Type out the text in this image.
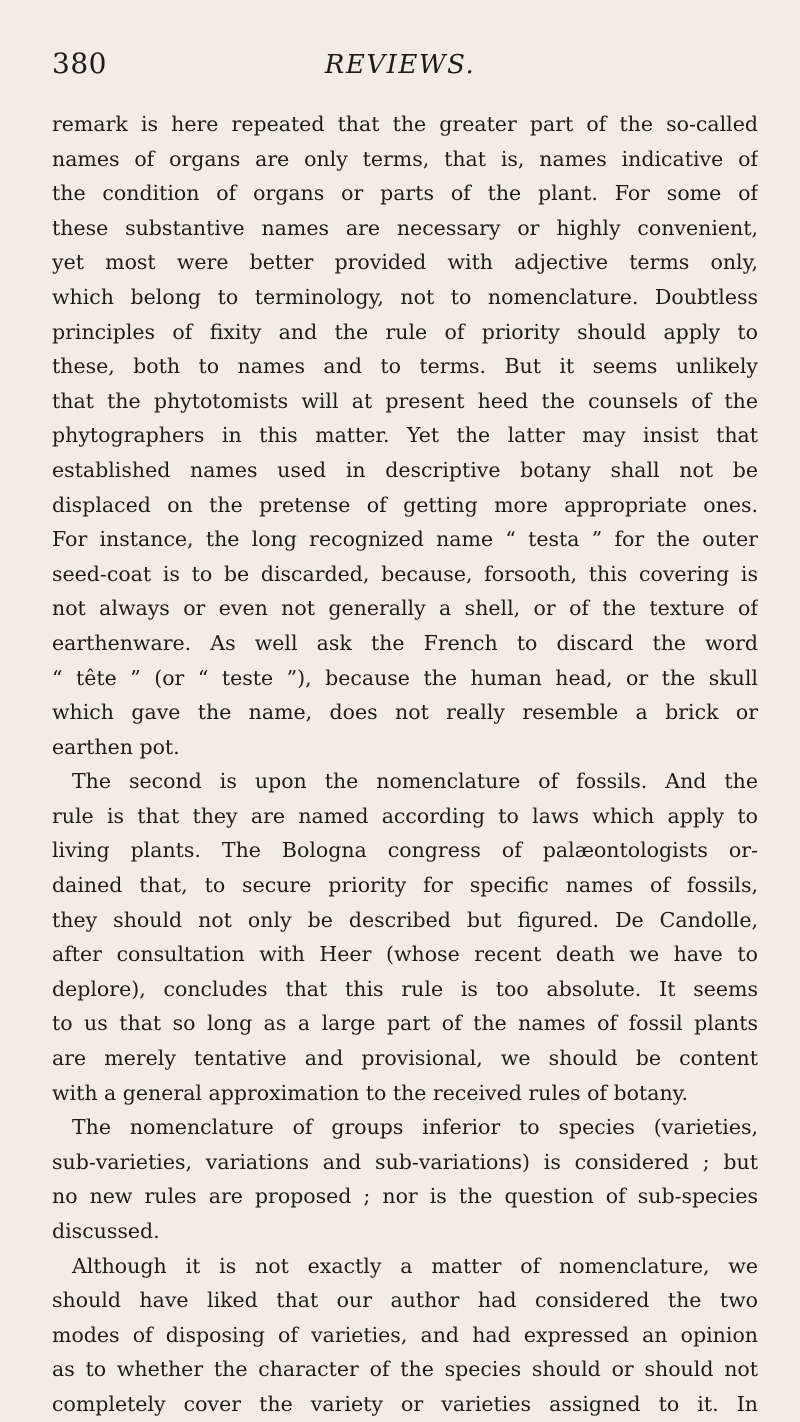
380	REVIEWS.
remark is here repeated that the greater part of the so-called
names of organs are only terms, that is, names indicative of
the condition of organs or parts of the plant. For some of
these substantive names are necessary or highly convenient,
yet most were better provided with adjective terms only,
which belong to terminology, not to nomenclature. Doubtless
principles of fixity and the rule of priority should apply to
these, both to names and to terms. But it seems unlikely
that the phytotomists will at present heed the counsels of the
phytographers in this matter. Yet the latter may insist that
established names used in descriptive botany shall not be
displaced on the pretense of getting more appropriate ones.
For instance, the long recognized name “ testa ” for the outer
seed-coat is to be discarded, because, forsooth, this covering is
not always or even not generally a shell, or of the texture of
earthenware. As well ask the French to discard the word
“ tête ” (or “ teste ”), because the human head, or the skull
which gave the name, does not really resemble a brick or
earthen pot.
The second is upon the nomenclature of fossils. And the
rule is that they are named according to laws which apply to
living plants. The Bologna congress of palæontologists or-
dained that, to secure priority for specific names of fossils,
they should not only be described but figured. De Candolle,
after consultation with Heer (whose recent death we have to
deplore), concludes that this rule is too absolute. It seems
to us that so long as a large part of the names of fossil plants
are merely tentative and provisional, we should be content
with a general approximation to the received rules of botany.
The nomenclature of groups inferior to species (varieties,
sub-varieties, variations and sub-variations) is considered ; but
no new rules are proposed ; nor is the question of sub-species
discussed.
Although it is not exactly a matter of nomenclature, we
should have liked that our author had considered the two
modes of disposing of varieties, and had expressed an opinion
as to whether the character of the species should or should not
completely cover the variety or varieties assigned to it. In
